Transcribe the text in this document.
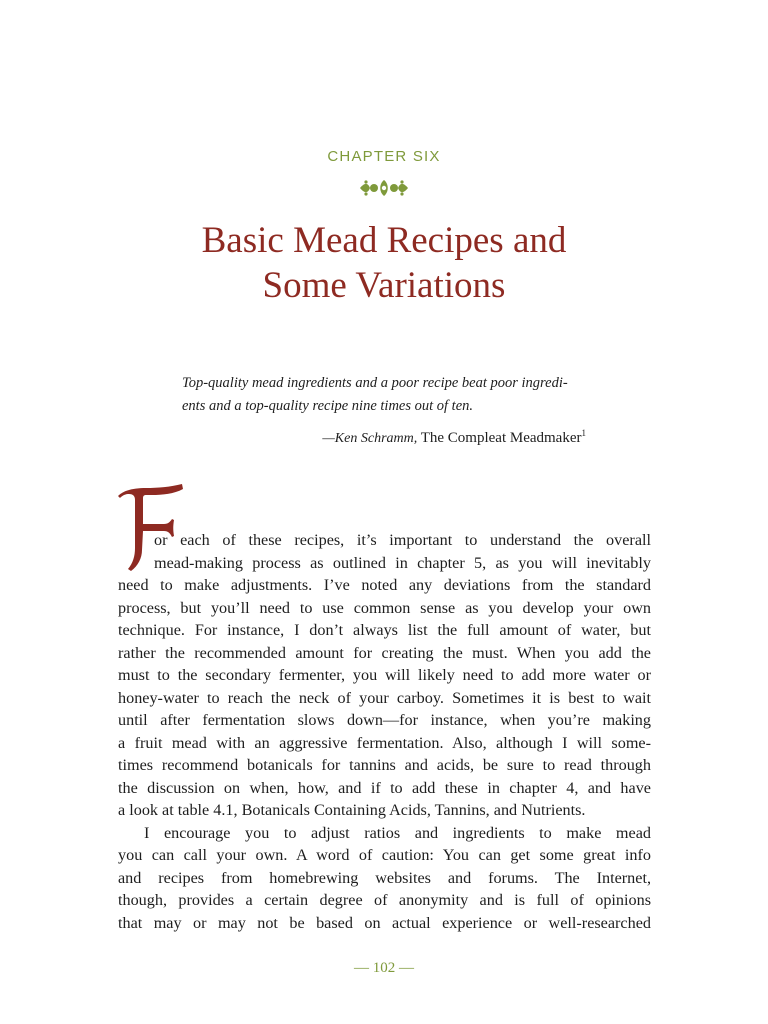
CHAPTER SIX
Basic Mead Recipes and
Some Variations
Top-quality mead ingredients and a poor recipe beat poor ingredi-
ents and a top-quality recipe nine times out of ten.
—Ken Schramm, The Compleat Meadmaker$^1$
F
or each of these recipes, it’s important to understand the overall
mead-making process as outlined in chapter 5, as you will inevitably
need to make adjustments. I’ve noted any deviations from the standard
process, but you’ll need to use common sense as you develop your own
technique. For instance, I don’t always list the full amount of water, but
rather the recommended amount for creating the must. When you add the
must to the secondary fermenter, you will likely need to add more water or
honey-water to reach the neck of your carboy. Sometimes it is best to wait
until after fermentation slows down—for instance, when you’re making
a fruit mead with an aggressive fermentation. Also, although I will some-
times recommend botanicals for tannins and acids, be sure to read through
the discussion on when, how, and if to add these in chapter 4, and have
a look at table 4.1, Botanicals Containing Acids, Tannins, and Nutrients.
I encourage you to adjust ratios and ingredients to make mead
you can call your own. A word of caution: You can get some great info
and recipes from homebrewing websites and forums. The Internet,
though, provides a certain degree of anonymity and is full of opinions
that may or may not be based on actual experience or well-researched
— 102 —
